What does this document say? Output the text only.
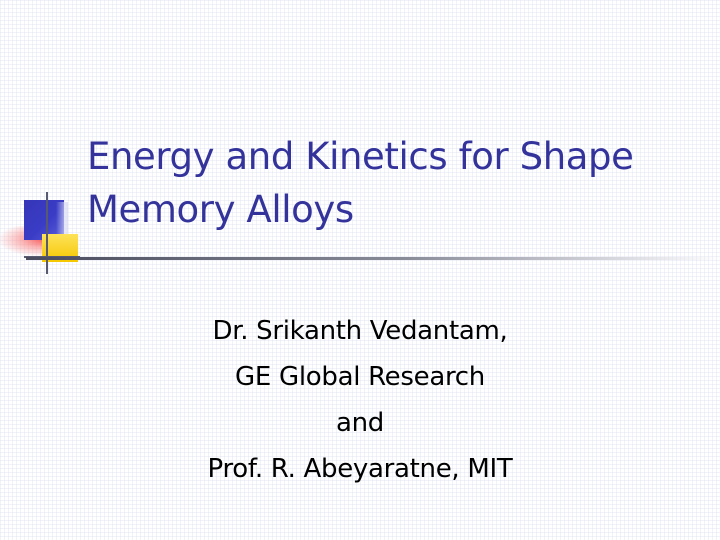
Energy and Kinetics for Shape
Memory Alloys
Dr. Srikanth Vedantam,
GE Global Research
and
Prof. R. Abeyaratne, MIT
